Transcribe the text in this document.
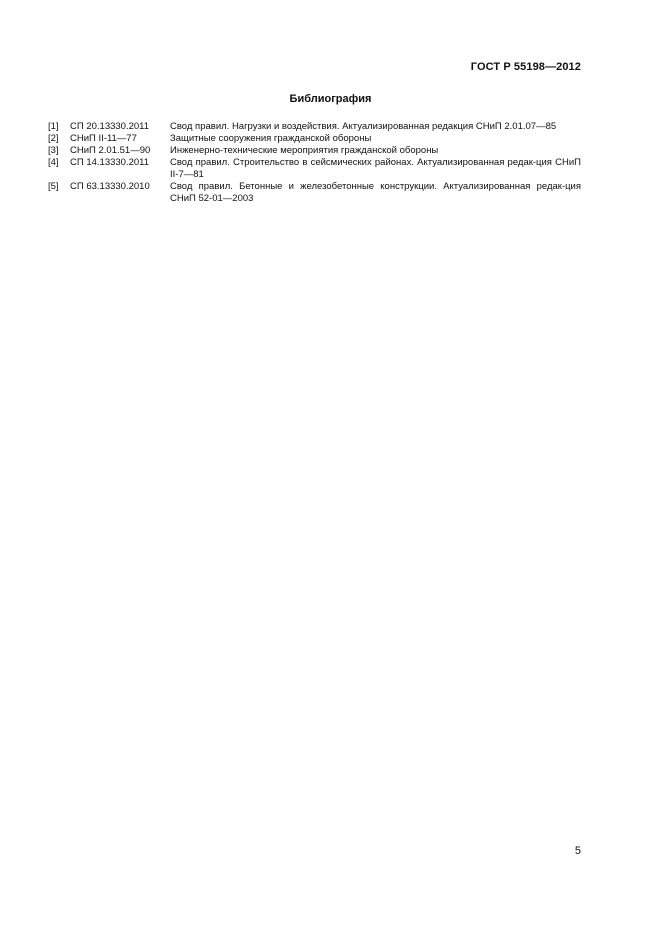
ГОСТ Р 55198—2012
Библиография
[1]	СП 20.13330.2011	Свод правил. Нагрузки и воздействия. Актуализированная редакция СНиП 2.01.07—85
[2]	СНиП II-11—77	Защитные сооружения гражданской обороны
[3]	СНиП 2.01.51—90	Инженерно-технические мероприятия гражданской обороны
[4]	СП 14.13330.2011	Свод правил. Строительство в сейсмических районах. Актуализированная редак-ция СНиП II-7—81
[5]	СП 63.13330.2010	Свод правил. Бетонные и железобетонные конструкции. Актуализированная редак-ция СНиП 52-01—2003
5
